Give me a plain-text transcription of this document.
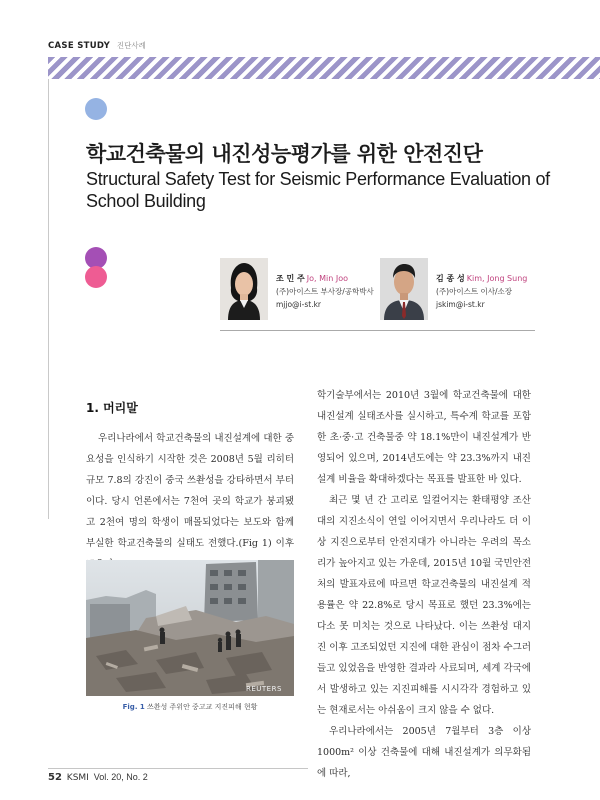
CASE STUDY 진단사례
학교건축물의 내진성능평가를 위한 안전진단
Structural Safety Test for Seismic Performance Evaluation of School Building
조 민 주 Jo, Min Joo
(주)아이스트 부사장/공학박사
mjjo@i-st.kr
김 종 성 Kim, Jong Sung
(주)아이스트 이사/소장
jskim@i-st.kr
1. 머리말
우리나라에서 학교건축물의 내진설계에 대한 중요성을 인식하기 시작한 것은 2008년 5월 리히터규모 7.8의 강진이 중국 쓰촨성을 강타하면서 부터이다. 당시 언론에서는 7천여 곳의 학교가 붕괴됐고 2천여 명의 학생이 매몰되었다는 보도와 함께 부실한 학교건축물의 실태도 전했다.(Fig 1) 이후
REUTERS
Fig. 1 쓰촨성 주위안 중고교 지진피해 현황
학기술부에서는 2010년 3월에 학교건축물에 대한 내진설계 실태조사를 실시하고, 특수계 학교를 포함한 초·중·고 건축물중 약 18.1%만이 내진설계가 반영되어 있으며, 2014년도에는 약 23.3%까지 내진설계 비율을 확대하겠다는 목표를 발표한 바 있다.
최근 몇 년 간 고리로 일컬어지는 환태평양 조산대의 지진소식이 연일 이어지면서 우리나라도 더 이상 지진으로부터 안전지대가 아니라는 우려의 목소리가 높아지고 있는 가운데, 2015년 10월 국민안전처의 발표자료에 따르면 학교건축물의 내진설계 적용률은 약 22.8%로 당시 목표로 했던 23.3%에는 다소 못 미치는 것으로 나타났다. 이는 쓰촨성 대지진 이후 고조되었던 지진에 대한 관심이 점차 수그러들고 있었음을 반영한 결과라 사료되며, 세계 각국에서 발생하고 있는 지진피해를 시시각각 경험하고 있는 현재로서는 아쉬움이 크지 않을 수 없다.
우리나라에서는 2005년 7월부터 3층 이상 1000m² 이상 건축물에 대해 내진설계가 의무화됨에 따라,
52 KSMI Vol. 20, No. 2
